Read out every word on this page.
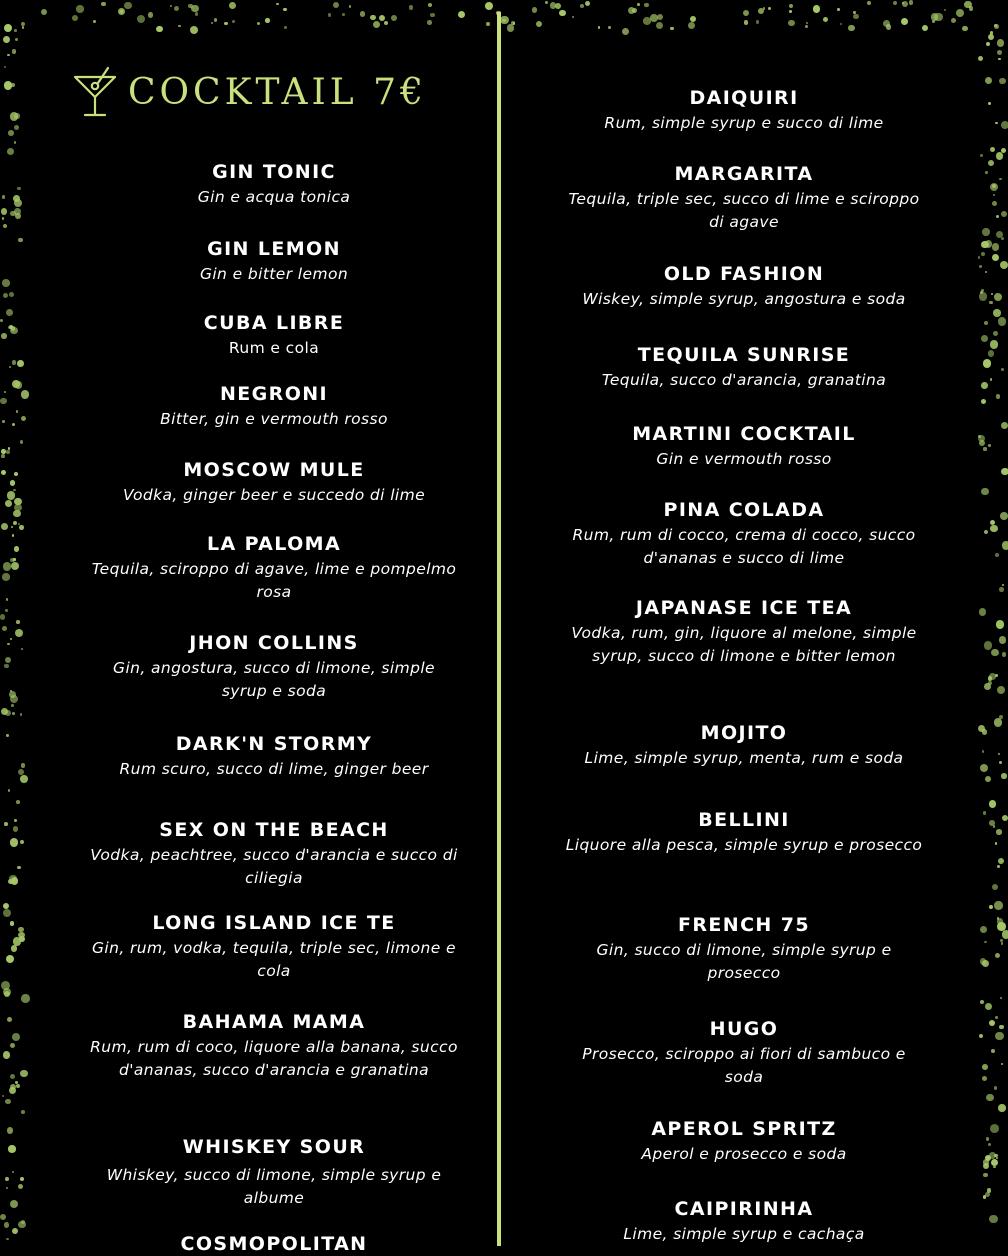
COCKTAIL 7€
GIN TONIC
Gin e acqua tonica
GIN LEMON
Gin e bitter lemon
CUBA LIBRE
Rum e cola
NEGRONI
Bitter, gin e vermouth rosso
MOSCOW MULE
Vodka, ginger beer e succedo di lime
LA PALOMA
Tequila, sciroppo di agave, lime e pompelmo rosa
JHON COLLINS
Gin, angostura, succo di limone, simple syrup e soda
DARK'N STORMY
Rum scuro, succo di lime, ginger beer
SEX ON THE BEACH
Vodka, peachtree, succo d'arancia e succo di ciliegia
LONG ISLAND ICE TE
Gin, rum, vodka, tequila, triple sec, limone e cola
BAHAMA MAMA
Rum, rum di coco, liquore alla banana, succo d'ananas, succo d'arancia e granatina
WHISKEY SOUR
Whiskey, succo di limone, simple syrup e albume
COSMOPOLITAN
DAIQUIRI
Rum, simple syrup e succo di lime
MARGARITA
Tequila, triple sec, succo di lime e sciroppo di agave
OLD FASHION
Wiskey, simple syrup, angostura e soda
TEQUILA SUNRISE
Tequila, succo d'arancia, granatina
MARTINI COCKTAIL
Gin e vermouth rosso
PINA COLADA
Rum, rum di cocco, crema di cocco, succo d'ananas e succo di lime
JAPANASE ICE TEA
Vodka, rum, gin, liquore al melone, simple syrup, succo di limone e bitter lemon
MOJITO
Lime, simple syrup, menta, rum e soda
BELLINI
Liquore alla pesca, simple syrup e prosecco
FRENCH 75
Gin, succo di limone, simple syrup e prosecco
HUGO
Prosecco, sciroppo ai fiori di sambuco e soda
APEROL SPRITZ
Aperol e prosecco e soda
CAIPIRINHA
Lime, simple syrup e cachaça
